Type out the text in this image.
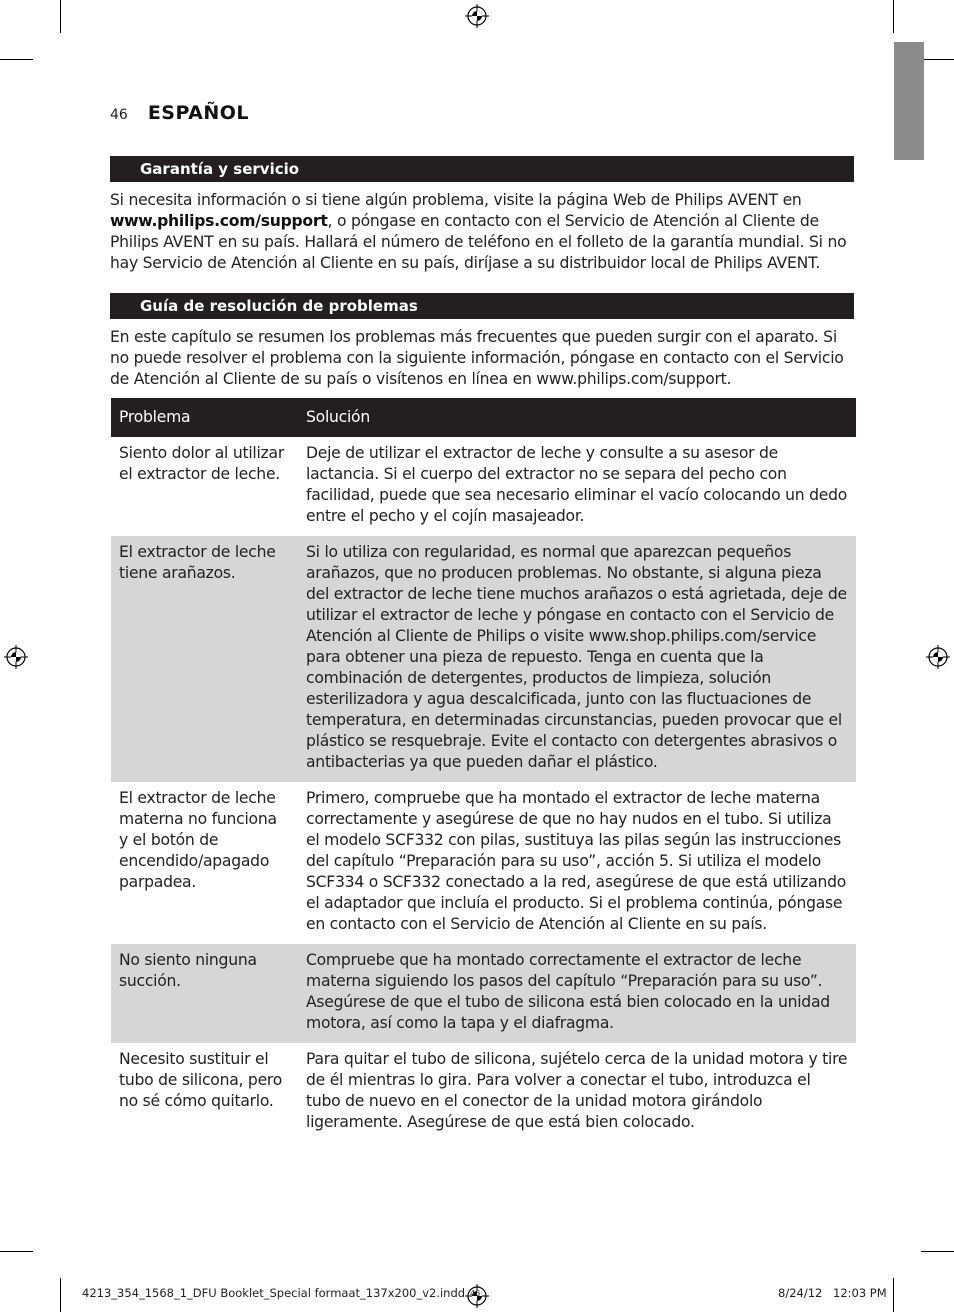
46 ESPAÑOL
Garantía y servicio
Si necesita información o si tiene algún problema, visite la página Web de Philips AVENT en www.philips.com/support, o póngase en contacto con el Servicio de Atención al Cliente de Philips AVENT en su país. Hallará el número de teléfono en el folleto de la garantía mundial. Si no hay Servicio de Atención al Cliente en su país, diríjase a su distribuidor local de Philips AVENT.
Guía de resolución de problemas
En este capítulo se resumen los problemas más frecuentes que pueden surgir con el aparato. Si no puede resolver el problema con la siguiente información, póngase en contacto con el Servicio de Atención al Cliente de su país o visítenos en línea en www.philips.com/support.
Problema	Solución
Siento dolor al utilizar el extractor de leche.	Deje de utilizar el extractor de leche y consulte a su asesor de lactancia. Si el cuerpo del extractor no se separa del pecho con facilidad, puede que sea necesario eliminar el vacío colocando un dedo entre el pecho y el cojín masajeador.
El extractor de leche tiene arañazos.	Si lo utiliza con regularidad, es normal que aparezcan pequeños arañazos, que no producen problemas. No obstante, si alguna pieza del extractor de leche tiene muchos arañazos o está agrietada, deje de utilizar el extractor de leche y póngase en contacto con el Servicio de Atención al Cliente de Philips o visite www.shop.philips.com/service para obtener una pieza de repuesto. Tenga en cuenta que la combinación de detergentes, productos de limpieza, solución esterilizadora y agua descalcificada, junto con las fluctuaciones de temperatura, en determinadas circunstancias, pueden provocar que el plástico se resquebraje. Evite el contacto con detergentes abrasivos o antibacterias ya que pueden dañar el plástico.
El extractor de leche materna no funciona y el botón de encendido/apagado parpadea.	Primero, compruebe que ha montado el extractor de leche materna correctamente y asegúrese de que no hay nudos en el tubo. Si utiliza el modelo SCF332 con pilas, sustituya las pilas según las instrucciones del capítulo “Preparación para su uso”, acción 5. Si utiliza el modelo SCF334 o SCF332 conectado a la red, asegúrese de que está utilizando el adaptador que incluía el producto. Si el problema continúa, póngase en contacto con el Servicio de Atención al Cliente en su país.
No siento ninguna succión.	Compruebe que ha montado correctamente el extractor de leche materna siguiendo los pasos del capítulo “Preparación para su uso”. Asegúrese de que el tubo de silicona está bien colocado en la unidad motora, así como la tapa y el diafragma.
Necesito sustituir el tubo de silicona, pero no sé cómo quitarlo.	Para quitar el tubo de silicona, sujételo cerca de la unidad motora y tire de él mientras lo gira. Para volver a conectar el tubo, introduzca el tubo de nuevo en el conector de la unidad motora girándolo ligeramente. Asegúrese de que está bien colocado.
4213_354_1568_1_DFU Booklet_Special formaat_137x200_v2.indd 46	8/24/12 12:03 PM
